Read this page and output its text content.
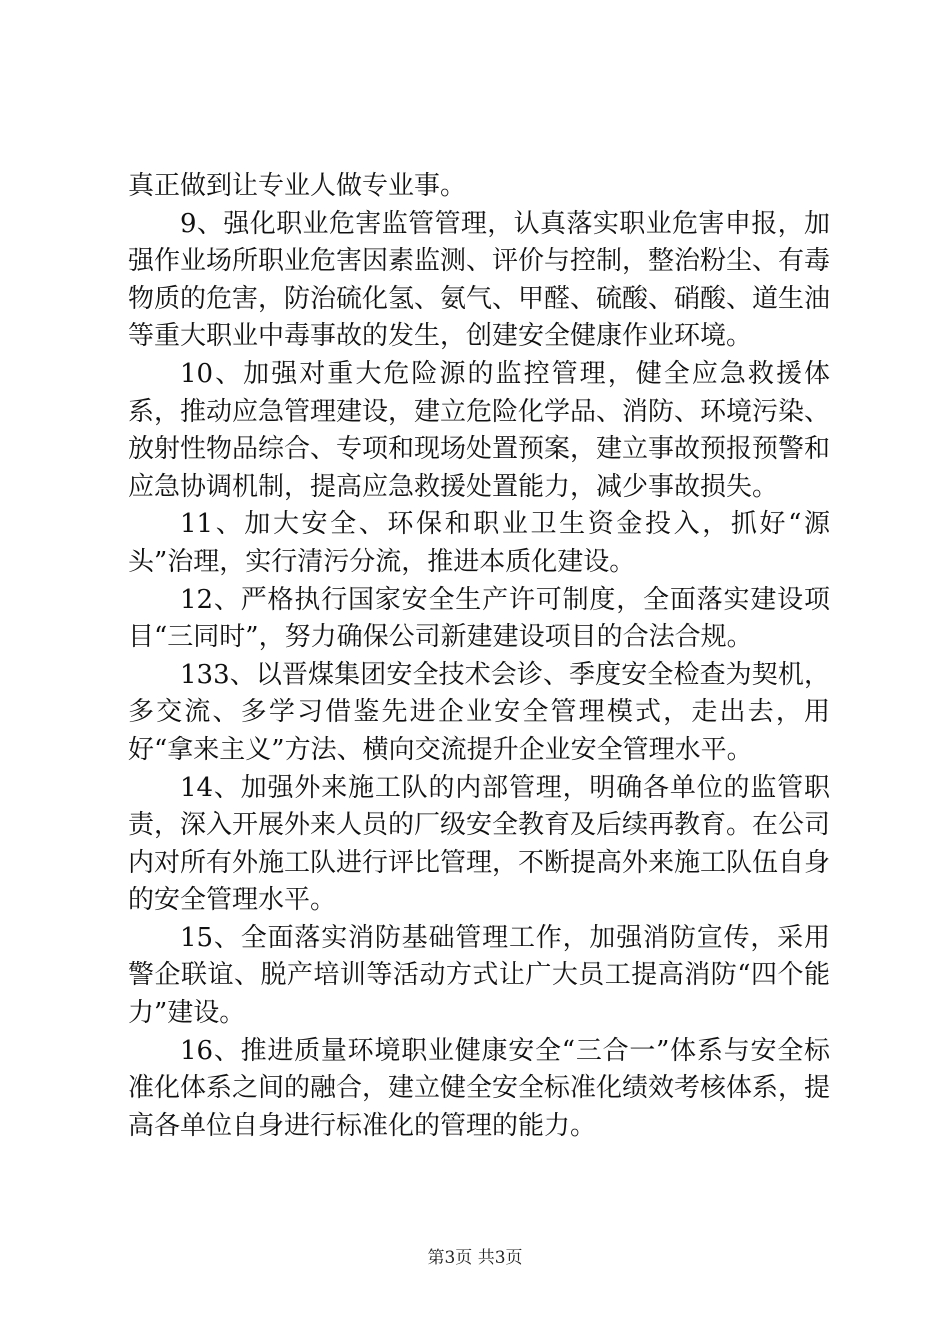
真正做到让专业人做专业事。

9、强化职业危害监管管理，认真落实职业危害申报，加强作业场所职业危害因素监测、评价与控制，整治粉尘、有毒物质的危害，防治硫化氢、氨气、甲醛、硫酸、硝酸、道生油等重大职业中毒事故的发生，创建安全健康作业环境。

10、加强对重大危险源的监控管理，健全应急救援体系，推动应急管理建设，建立危险化学品、消防、环境污染、放射性物品综合、专项和现场处置预案，建立事故预报预警和应急协调机制，提高应急救援处置能力，减少事故损失。

11、加大安全、环保和职业卫生资金投入，抓好“源头”治理，实行清污分流，推进本质化建设。

12、严格执行国家安全生产许可制度，全面落实建设项目“三同时”，努力确保公司新建建设项目的合法合规。

133、以晋煤集团安全技术会诊、季度安全检查为契机，多交流、多学习借鉴先进企业安全管理模式，走出去，用好“拿来主义”方法、横向交流提升企业安全管理水平。

14、加强外来施工队的内部管理，明确各单位的监管职责，深入开展外来人员的厂级安全教育及后续再教育。在公司内对所有外施工队进行评比管理，不断提高外来施工队伍自身的安全管理水平。

15、全面落实消防基础管理工作，加强消防宣传，采用警企联谊、脱产培训等活动方式让广大员工提高消防“四个能力”建设。

16、推进质量环境职业健康安全“三合一”体系与安全标准化体系之间的融合，建立健全安全标准化绩效考核体系，提高各单位自身进行标准化的管理的能力。

第3页 共3页
